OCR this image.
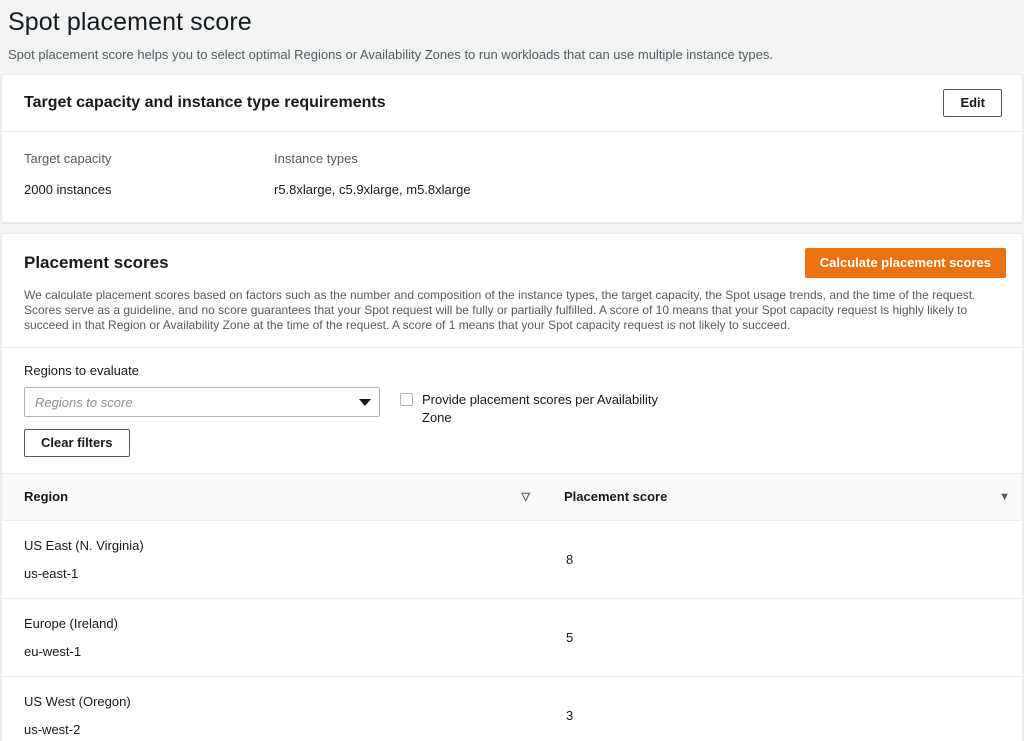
Spot placement score

Spot placement score helps you to select optimal Regions or Availability Zones to run workloads that can use multiple instance types.

Target capacity and instance type requirements	Edit
Target capacity
2000 instances
Instance types
r5.8xlarge, c5.9xlarge, m5.8xlarge
Placement scores	Calculate placement scores
We calculate placement scores based on factors such as the number and composition of the instance types, the target capacity, the Spot usage trends, and the time of the request. Scores serve as a guideline, and no score guarantees that your Spot request will be fully or partially fulfilled. A score of 10 means that your Spot capacity request is highly likely to succeed in that Region or Availability Zone at the time of the request. A score of 1 means that your Spot capacity request is not likely to succeed.
Regions to evaluate
Regions to score
Clear filters
Provide placement scores per Availability Zone
Region ▽	Placement score ▼

US East (N. Virginia)
us-east-1	8

Europe (Ireland)
eu-west-1	5

US West (Oregon)
us-west-2	3
